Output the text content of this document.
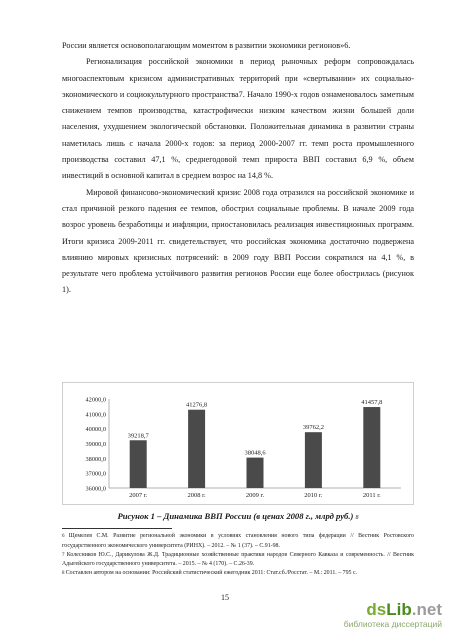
России является основополагающим моментом в развитии экономики регионов»6.

Регионализация российской экономики в период рыночных реформ сопровождалась многоаспектовым кризисом административных территорий при «свертывании» их социально-экономического и социокультурного пространства7. Начало 1990-х годов ознаменовалось заметным снижением темпов производства, катастрофически низким качеством жизни большей доли населения, ухудшением экологической обстановки. Положительная динамика в развитии страны наметилась лишь с начала 2000-х годов: за период 2000-2007 гг. темп роста промышленного производства составил 47,1 %, среднегодовой темп прироста ВВП составил 6,9 %, объем инвестиций в основной капитал в среднем возрос на 14,8 %.

Мировой финансово-экономический кризис 2008 года отразился на российской экономике и стал причиной резкого падения ее темпов, обострил социальные проблемы. В начале 2009 года возрос уровень безработицы и инфляции, приостановилась реализация инвестиционных программ. Итоги кризиса 2009-2011 гг. свидетельствует, что российская экономика достаточно подвержена влиянию мировых кризисных потрясений: в 2009 году ВВП России сократился на 4,1 %, в результате чего проблема устойчивого развития регионов России еще более обострилась (рисунок 1).

36000,0
37000,0
38000,0
39000,0
40000,0
41000,0
42000,0
39218,7
2007 г.
41276,8
2008 г.
38048,6
2009 г.
39762,2
2010 г.
41457,8
2011 г.
Рисунок 1 – Динамика ВВП России (в ценах 2008 г., млрд руб.) 8

6 Щемелев С.М. Развитие региональной экономики в условиях становления нового типа федерации // Вестник Ростовского государственного экономического университета (РИНХ). – 2012. – № 1 (37). – С.91-98.

7 Колесников Ю.С., Дарикулова Ж.Д. Традиционные хозяйственные практики народов Северного Кавказа и современность. // Вестник Адыгейского государственного университета. – 2015. – № 4 (170). – С.26-39.

8 Составлен автором на основании: Российский статистический ежегодник 2011: Стат.сб./Росстат. – М.: 2011. – 795 с.

15
dsLib.net
библиотека диссертаций
